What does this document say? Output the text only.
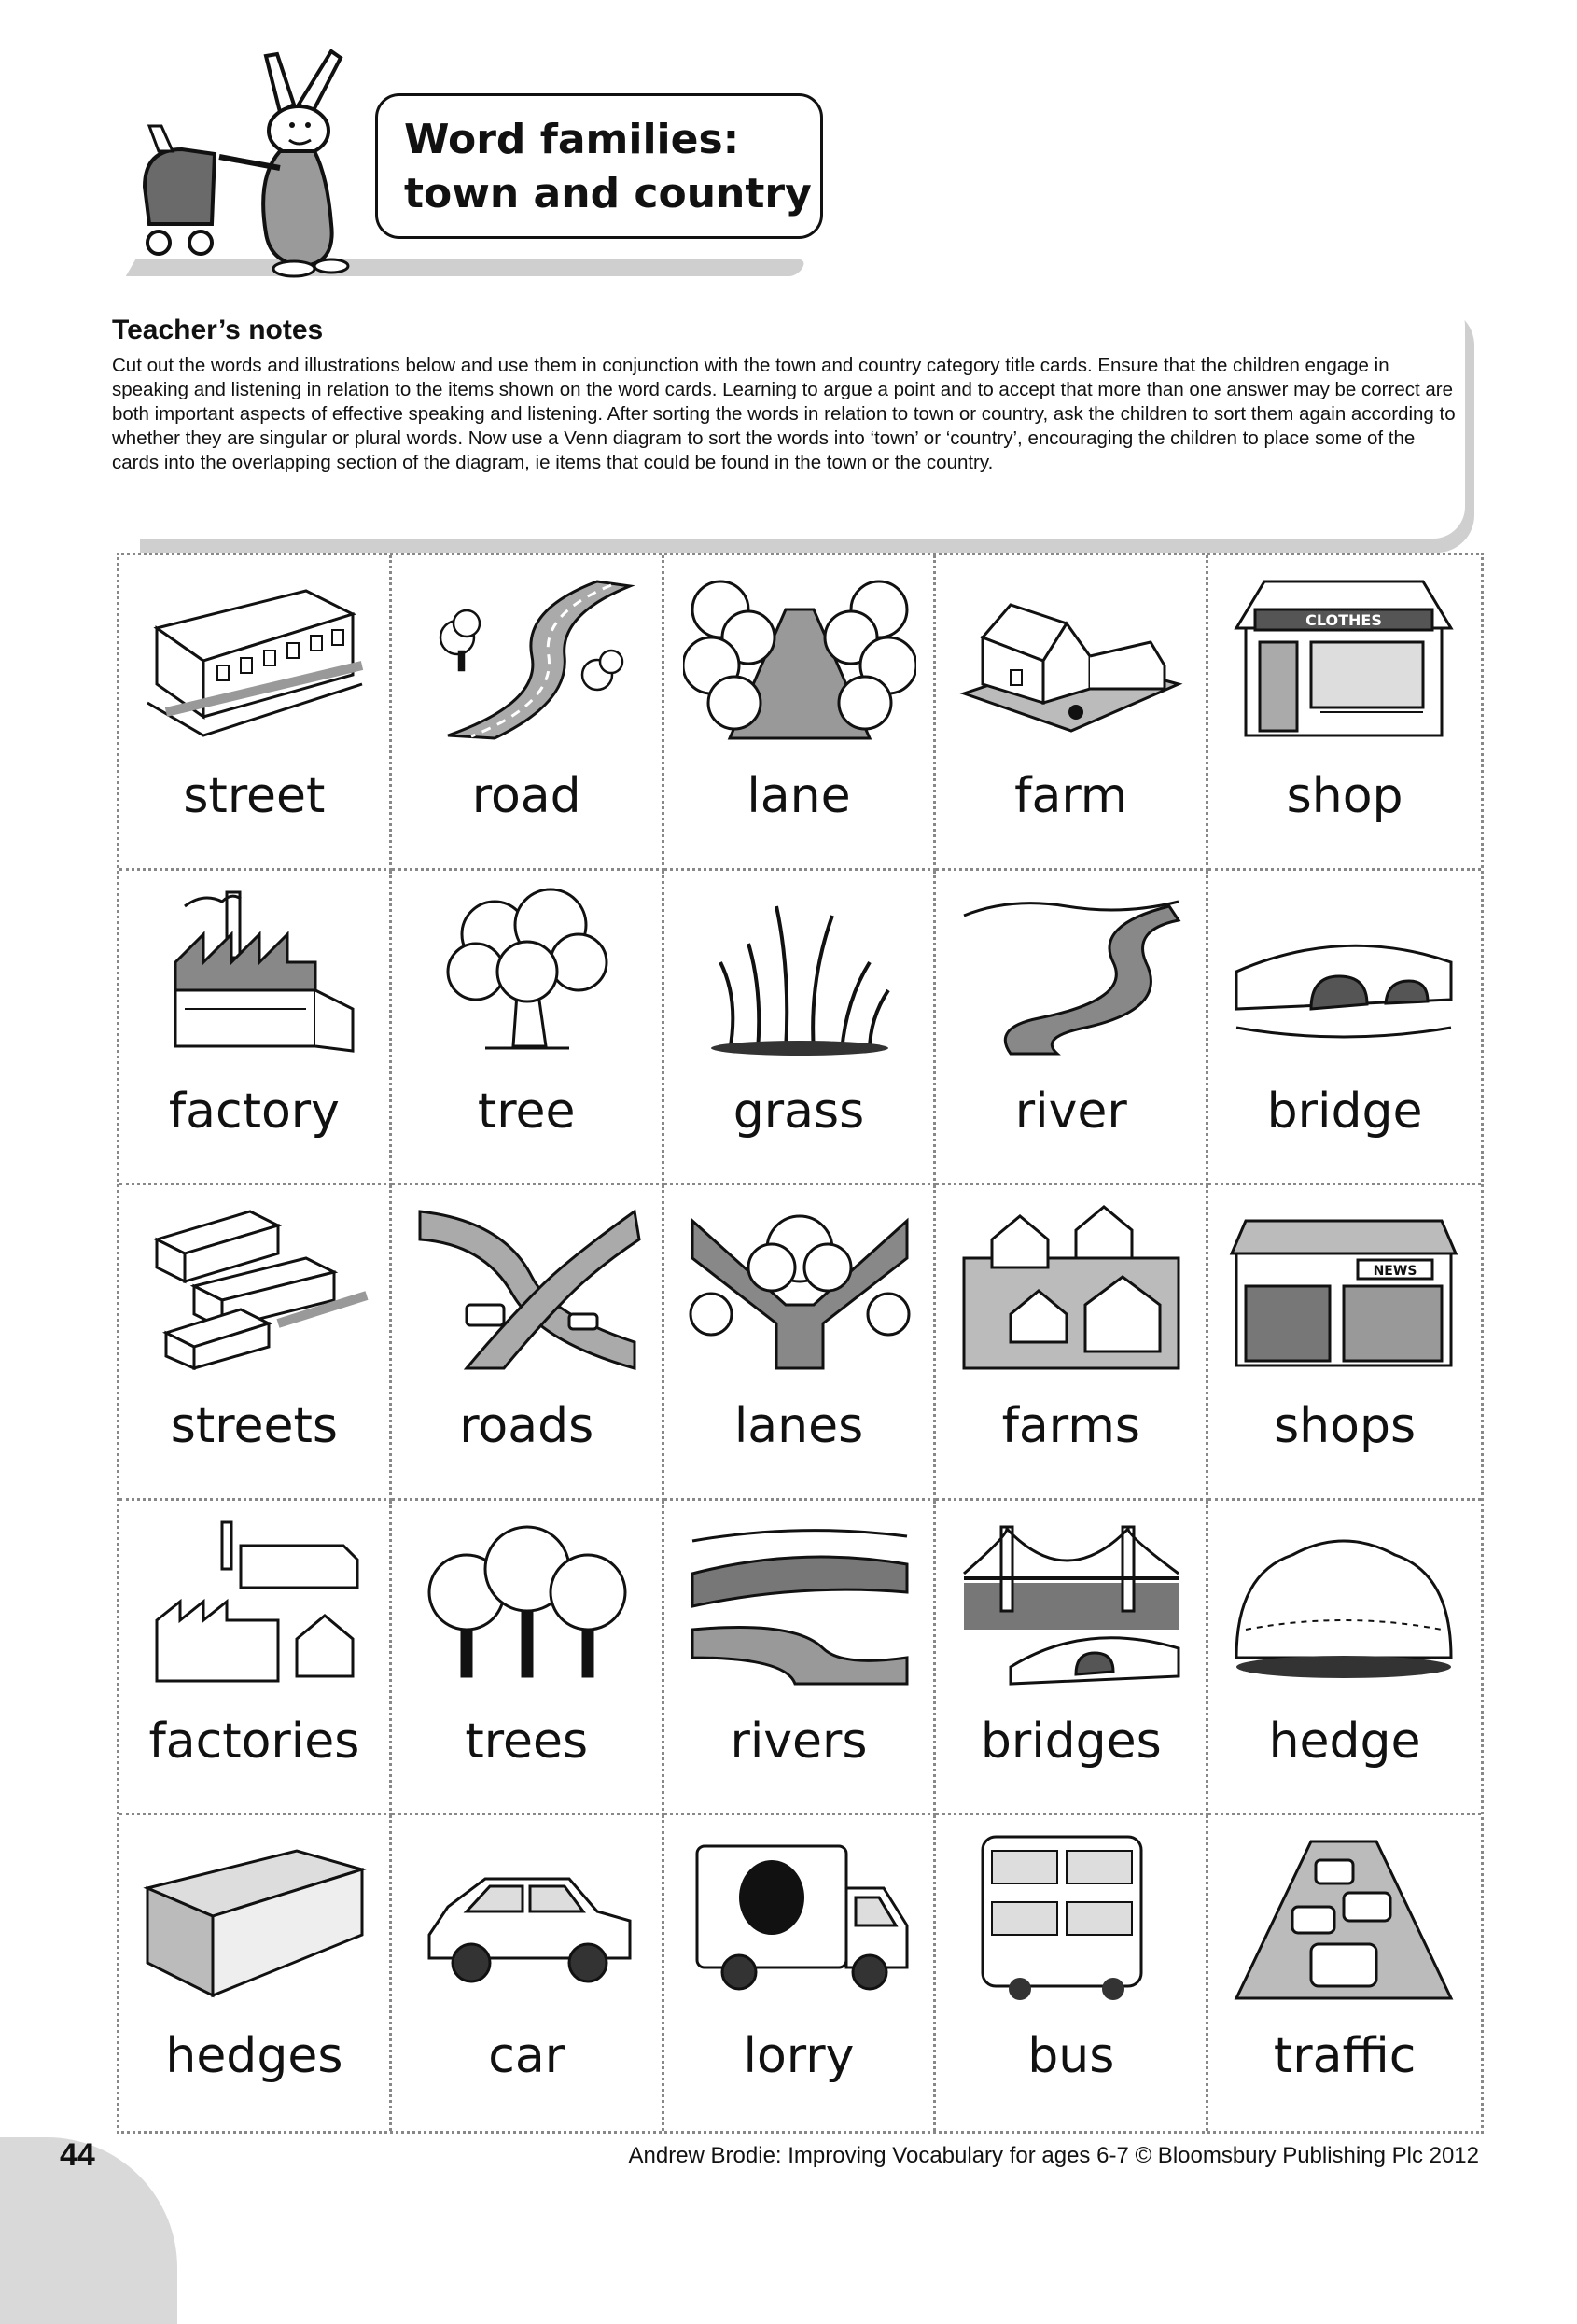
Word families:
town and country

Teacher’s notes

Cut out the words and illustrations below and use them in conjunction with the town and country category title cards. Ensure that the children engage in speaking and listening in relation to the items shown on the word cards. Learning to argue a point and to accept that more than one answer may be correct are both important aspects of effective speaking and listening. After sorting the words in relation to town or country, ask the children to sort them again according to whether they are singular or plural words. Now use a Venn diagram to sort the words into ‘town’ or ‘country’, encouraging the children to place some of the cards into the overlapping section of the diagram, ie items that could be found in the town or the country.

street	road	lane	farm
CLOTHES
shop
factory	tree	grass	river	bridge
streets	roads	lanes	farms
NEWS
shops
factories	trees	rivers	bridges	hedge
hedges	car	lorry	bus	traffic
44	Andrew Brodie: Improving Vocabulary for ages 6-7 © Bloomsbury Publishing Plc 2012
